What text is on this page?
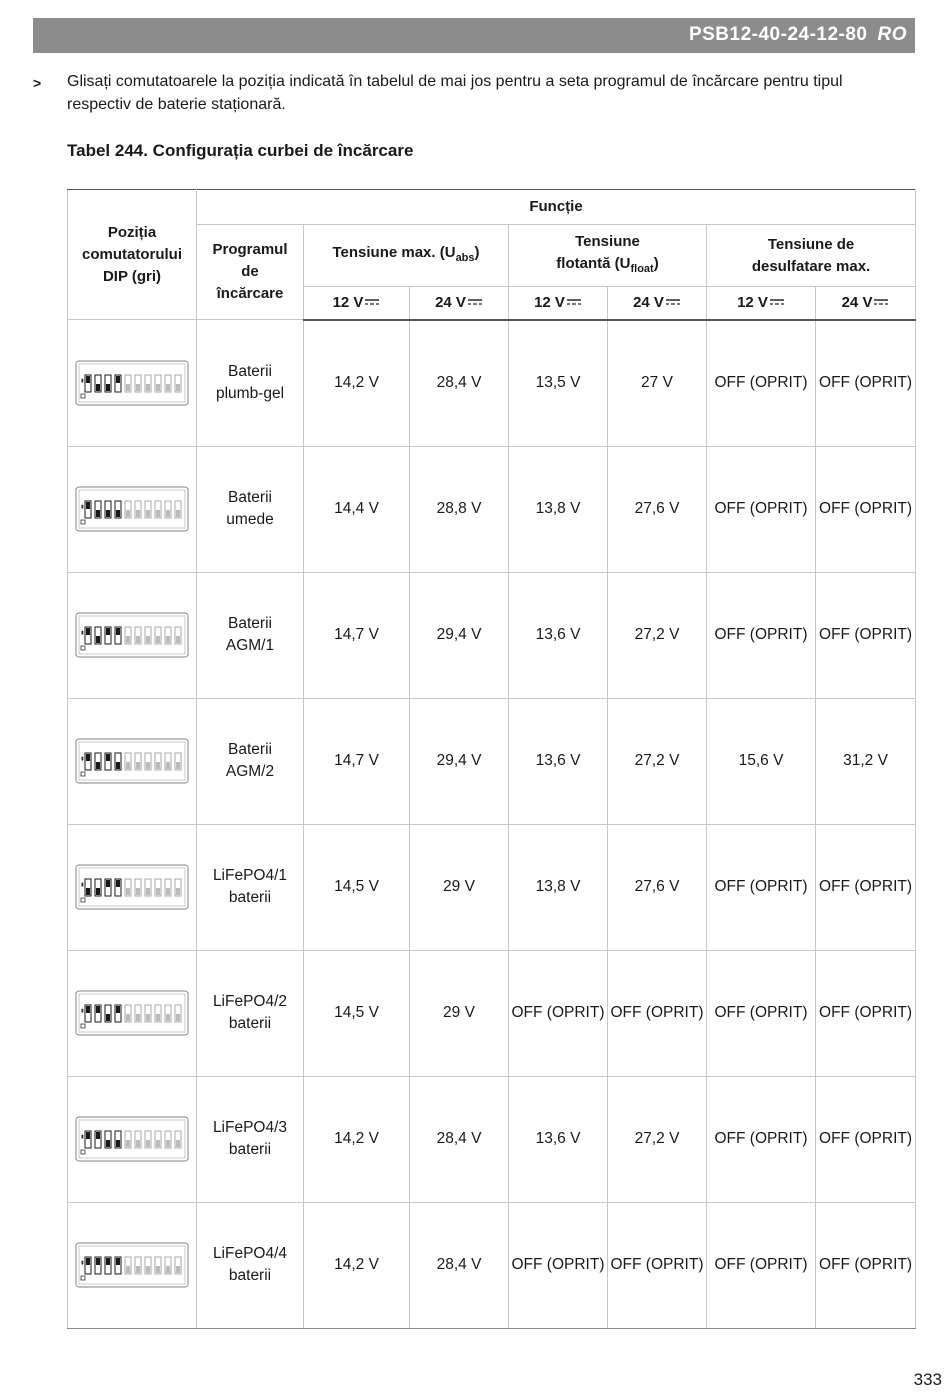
PSB12-40-24-12-80 RO
> Glisați comutatoarele la poziția indicată în tabelul de mai jos pentru a seta programul de încărcare pentru tipul respectiv de baterie staționară.
Tabel 244. Configurația curbei de încărcare
Poziția comutatorului DIP (gri)	Funcție						
	Programul de încărcare	Tensiune max. $(U_{abs})$		Tensiune flotantă $(U_{float})$		Tensiune de desulfatare max.	
		12 V	24 V	12 V	24 V	12 V	24 V

▮	Baterii plumb-gel	14,2 V	28,4 V	13,5 V	27 V	OFF (OPRIT)	OFF (OPRIT)

▮	Baterii umede	14,4 V	28,8 V	13,8 V	27,6 V	OFF (OPRIT)	OFF (OPRIT)

▮	Baterii AGM/1	14,7 V	29,4 V	13,6 V	27,2 V	OFF (OPRIT)	OFF (OPRIT)

▮	Baterii AGM/2	14,7 V	29,4 V	13,6 V	27,2 V	15,6 V	31,2 V

▮	LiFePO4/1 baterii	14,5 V	29 V	13,8 V	27,6 V	OFF (OPRIT)	OFF (OPRIT)

▮	LiFePO4/2 baterii	14,5 V	29 V	OFF (OPRIT)	OFF (OPRIT)	OFF (OPRIT)	OFF (OPRIT)

▮	LiFePO4/3 baterii	14,2 V	28,4 V	13,6 V	27,2 V	OFF (OPRIT)	OFF (OPRIT)

▮	LiFePO4/4 baterii	14,2 V	28,4 V	OFF (OPRIT)	OFF (OPRIT)	OFF (OPRIT)	OFF (OPRIT)
333
